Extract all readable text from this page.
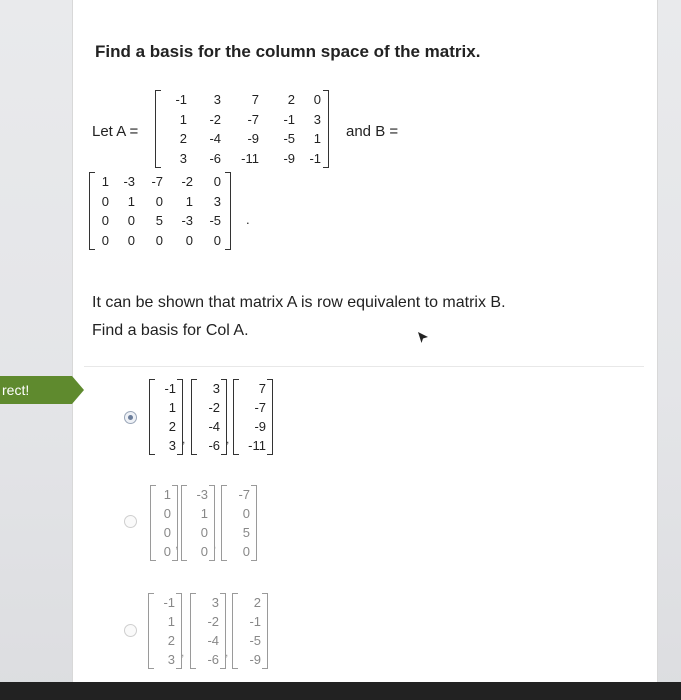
Find a basis for the column space of the matrix.
Let A =
-1	3	7	2	0
1	-2	-7	-1	3
2	-4	-9	-5	1
3	-6	-11	-9	-1
and B =
1	-3	-7	-2	0
0	1	0	1	3
0	0	5	-3	-5
0	0	0	0	0
.
It can be shown that matrix A is row equivalent to matrix B. Find a basis for Col A.
rect!	-1
1
2
3 ,
3
-2
-4
-6 ,
7
-7
-9
-11
1
0
0
0 ,
-3
1
0
0 ,
-7
0
5
0
-1
1
2
3 ,
3
-2
-4
-6 ,
2
-1
-5
-9
